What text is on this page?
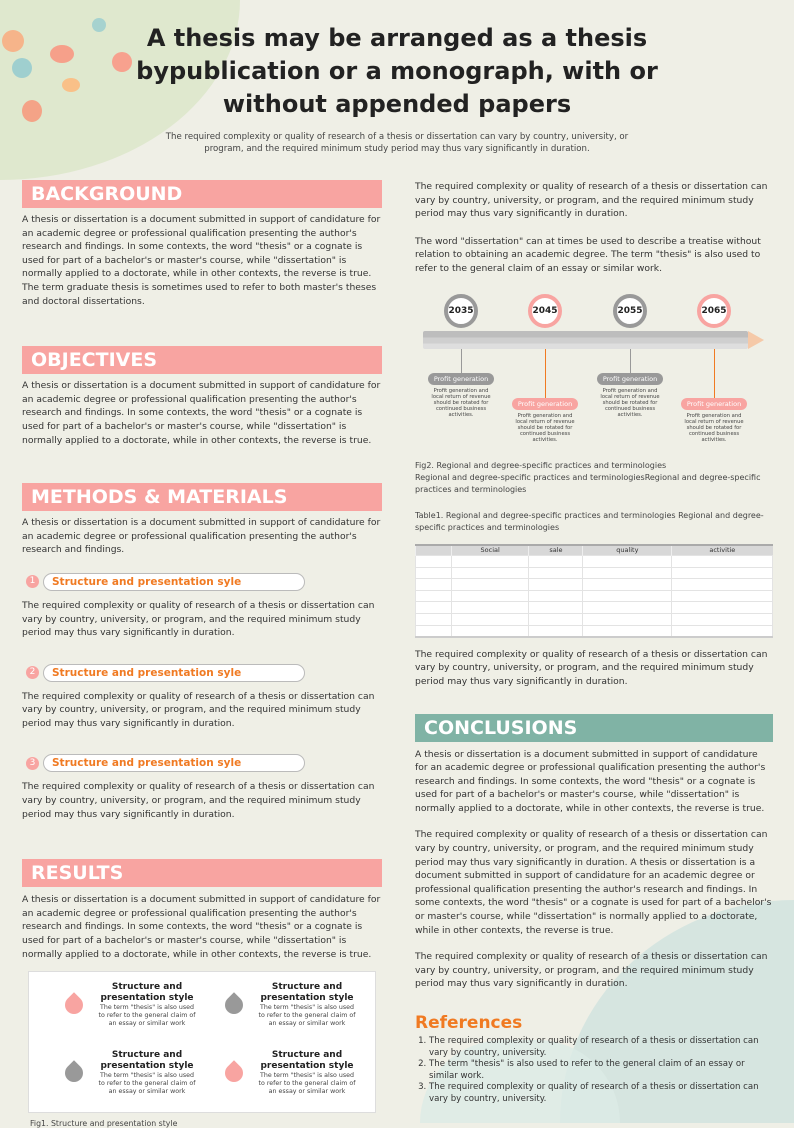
A thesis may be arranged as a thesis bypublication or a monograph, with or without appended papers
The required complexity or quality of research of a thesis or dissertation can vary by country, university, or program, and the required minimum study period may thus vary significantly in duration.
BACKGROUND

A thesis or dissertation is a document submitted in support of candidature for an academic degree or professional qualification presenting the author's research and findings. In some contexts, the word "thesis" or a cognate is used for part of a bachelor's or master's course, while "dissertation" is normally applied to a doctorate, while in other contexts, the reverse is true. The term graduate thesis is sometimes used to refer to both master's theses and doctoral dissertations.

OBJECTIVES

A thesis or dissertation is a document submitted in support of candidature for an academic degree or professional qualification presenting the author's research and findings. In some contexts, the word "thesis" or a cognate is used for part of a bachelor's or master's course, while "dissertation" is normally applied to a doctorate, while in other contexts, the reverse is true.

METHODS & MATERIALS

A thesis or dissertation is a document submitted in support of candidature for an academic degree or professional qualification presenting the author's research and findings.

1	Structure and presentation syle

The required complexity or quality of research of a thesis or dissertation can vary by country, university, or program, and the required minimum study period may thus vary significantly in duration.

2	Structure and presentation syle

The required complexity or quality of research of a thesis or dissertation can vary by country, university, or program, and the required minimum study period may thus vary significantly in duration.

3	Structure and presentation syle

The required complexity or quality of research of a thesis or dissertation can vary by country, university, or program, and the required minimum study period may thus vary significantly in duration.

RESULTS

A thesis or dissertation is a document submitted in support of candidature for an academic degree or professional qualification presenting the author's research and findings. In some contexts, the word "thesis" or a cognate is used for part of a bachelor's or master's course, while "dissertation" is normally applied to a doctorate, while in other contexts, the reverse is true.

Structure and presentation style
The term "thesis" is also used to refer to the general claim of an essay or similar work
Structure and presentation style
The term "thesis" is also used to refer to the general claim of an essay or similar work
Structure and presentation style
The term "thesis" is also used to refer to the general claim of an essay or similar work
Structure and presentation style
The term "thesis" is also used to refer to the general claim of an essay or similar work
Fig1. Structure and presentation style

The required complexity or quality of research of a thesis or dissertation can vary by country, university, or program, and the required minimum study period may thus vary significantly in duration.

The word "dissertation" can at times be used to describe a treatise without relation to obtaining an academic degree. The term "thesis" is also used to refer to the general claim of an essay or similar work.

2035
Profit generation
Profit generation and local return of revenue should be rotated for continued business activities.
2045
Profit generation
Profit generation and local return of revenue should be rotated for continued business activities.
2055
Profit generation
Profit generation and local return of revenue should be rotated for continued business activities.
2065
Profit generation
Profit generation and local return of revenue should be rotated for continued business activities.
Fig2. Regional and degree-specific practices and terminologies
Regional and degree-specific practices and terminologiesRegional and degree-specific practices and terminologies
Table1. Regional and degree-specific practices and terminologies Regional and degree-specific practices and terminologies
	Social	sale	quality	activitie

The required complexity or quality of research of a thesis or dissertation can vary by country, university, or program, and the required minimum study period may thus vary significantly in duration.

CONCLUSIONS

A thesis or dissertation is a document submitted in support of candidature for an academic degree or professional qualification presenting the author's research and findings. In some contexts, the word "thesis" or a cognate is used for part of a bachelor's or master's course, while "dissertation" is normally applied to a doctorate, while in other contexts, the reverse is true.

The required complexity or quality of research of a thesis or dissertation can vary by country, university, or program, and the required minimum study period may thus vary significantly in duration. A thesis or dissertation is a document submitted in support of candidature for an academic degree or professional qualification presenting the author's research and findings. In some contexts, the word "thesis" or a cognate is used for part of a bachelor's or master's course, while "dissertation" is normally applied to a doctorate, while in other contexts, the reverse is true.

The required complexity or quality of research of a thesis or dissertation can vary by country, university, or program, and the required minimum study period may thus vary significantly in duration.

References
1. The required complexity or quality of research of a thesis or dissertation can vary by country, university.
2. The term "thesis" is also used to refer to the general claim of an essay or similar work.
3. The required complexity or quality of research of a thesis or dissertation can vary by country, university.
